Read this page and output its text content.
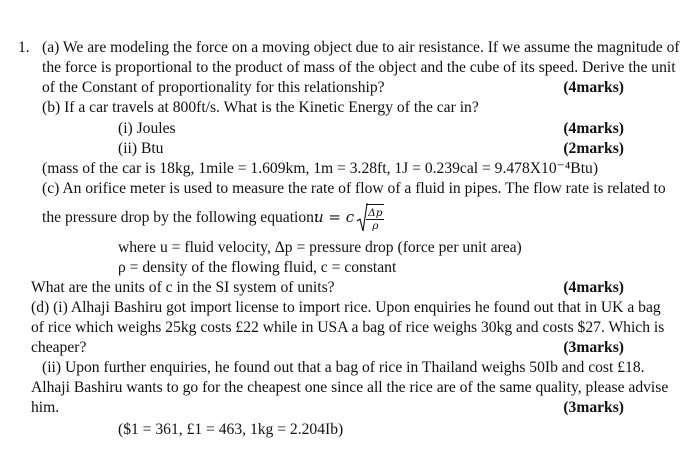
1. (a) We are modeling the force on a moving object due to air resistance. If we assume the magnitude of
the force is proportional to the product of mass of the object and the cube of its speed. Derive the unit
of the Constant of proportionality for this relationship?	(4marks)
(b) If a car travels at 800ft/s. What is the Kinetic Energy of the car in?
(i) Joules	(4marks)
(ii) Btu	(2marks)
(mass of the car is 18kg, 1mile = 1.609km, 1m = 3.28ft, 1J = 0.239cal = 9.478X10⁻⁴Btu)
(c) An orifice meter is used to measure the rate of flow of a fluid in pipes. The flow rate is related to
the pressure drop by the following equation:
u = c $\frac{\Delta p}{\rho}$
where u = fluid velocity, Δp = pressure drop (force per unit area)
ρ = density of the flowing fluid, c = constant
What are the units of c in the SI system of units?	(4marks)
(d) (i) Alhaji Bashiru got import license to import rice. Upon enquiries he found out that in UK a bag
of rice which weighs 25kg costs £22 while in USA a bag of rice weighs 30kg and costs $27. Which is
cheaper?	(3marks)
(ii) Upon further enquiries, he found out that a bag of rice in Thailand weighs 50Ib and cost £18.
Alhaji Bashiru wants to go for the cheapest one since all the rice are of the same quality, please advise
him.	(3marks)
($1 = 361, £1 = 463, 1kg = 2.204Ib)
